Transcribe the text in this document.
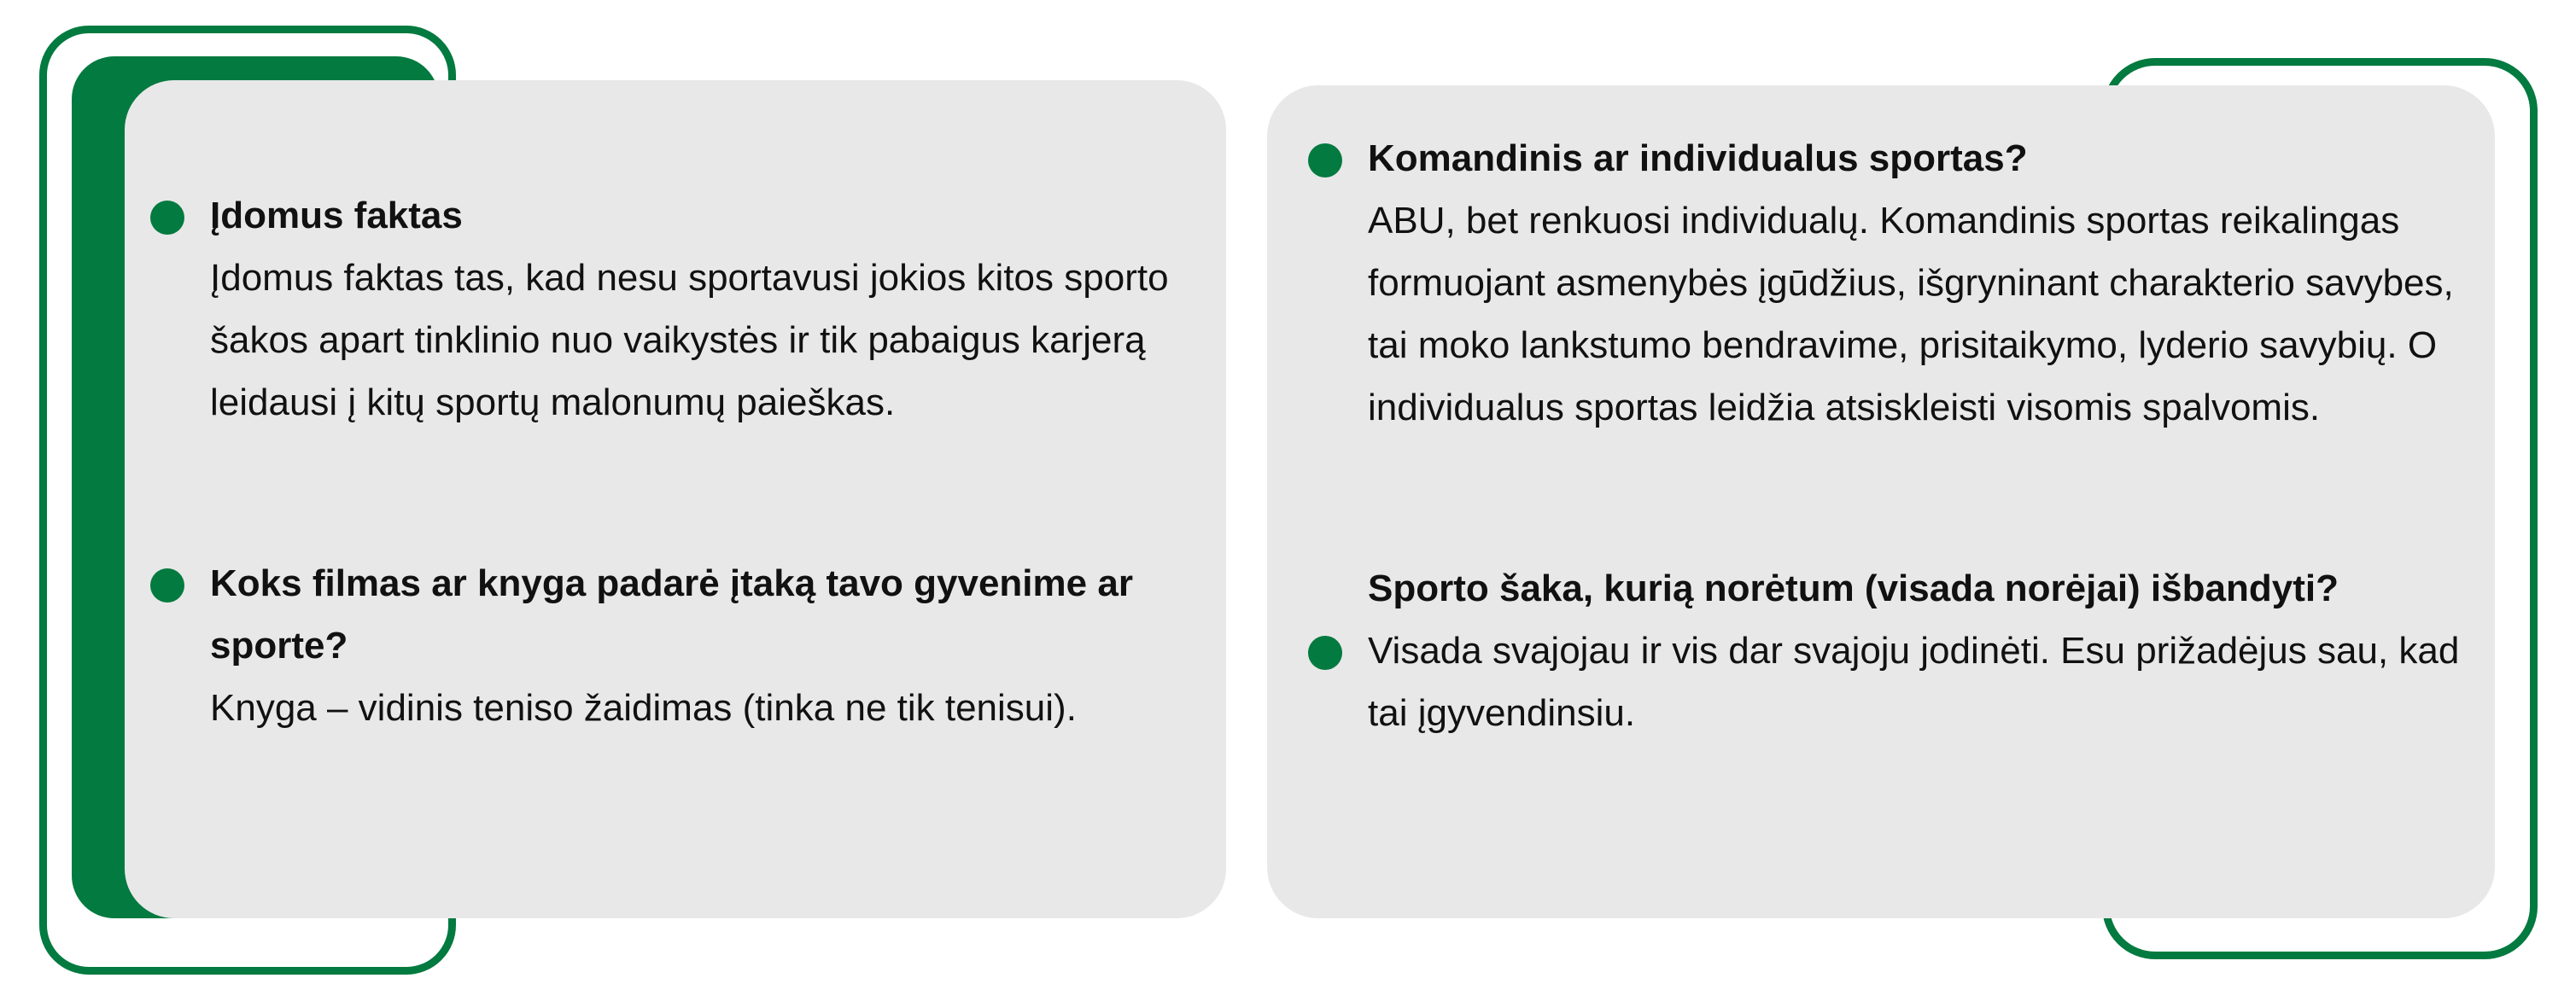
Įdomus faktas
Įdomus faktas tas, kad nesu sportavusi jokios kitos sporto šakos apart tinklinio nuo vaikystės ir tik pabaigus karjerą leidausi į kitų sportų malonumų paieškas.
Koks filmas ar knyga padarė įtaką tavo gyvenime ar sporte?
Knyga – vidinis teniso žaidimas (tinka ne tik tenisui).
Komandinis ar individualus sportas?
ABU, bet renkuosi individualų. Komandinis sportas reikalingas formuojant asmenybės įgūdžius, išgryninant charakterio savybes, tai moko lankstumo bendravime, prisitaikymo, lyderio savybių. O individualus sportas leidžia atsiskleisti visomis spalvomis.
Sporto šaka, kurią norėtum (visada norėjai) išbandyti?
Visada svajojau ir vis dar svajoju jodinėti. Esu prižadėjus sau, kad tai įgyvendinsiu.
